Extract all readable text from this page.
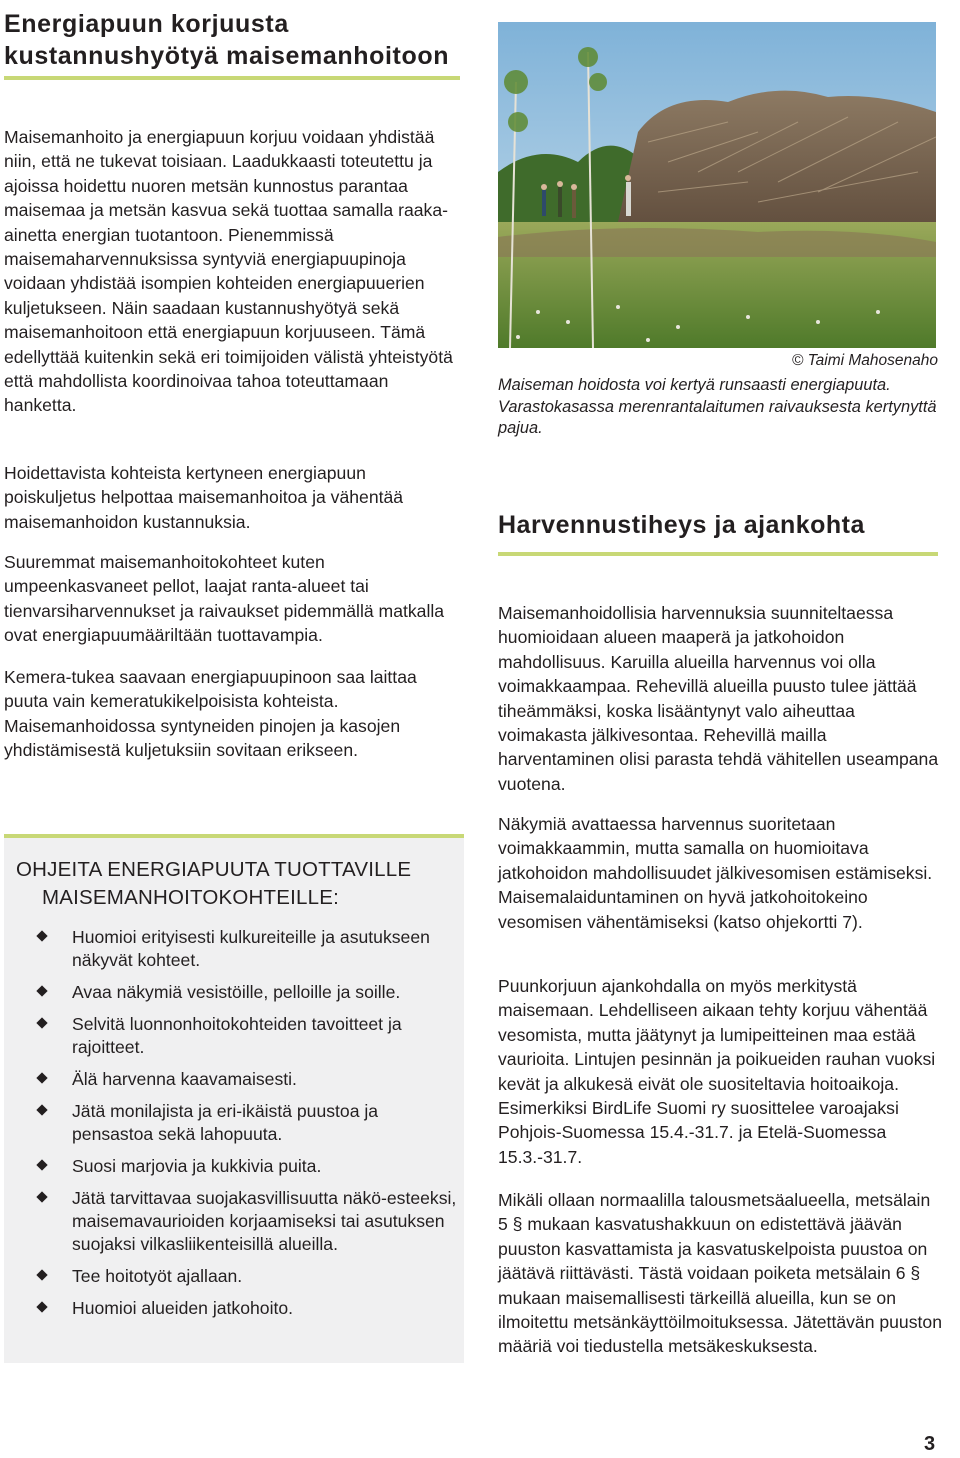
Energiapuun korjuusta kustannushyötyä maisemanhoitoon

Maisemanhoito ja energiapuun korjuu voidaan yhdistää niin, että ne tukevat toisiaan. Laadukkaasti toteutettu ja ajoissa hoidettu nuoren metsän kunnostus parantaa maisemaa ja metsän kasvua sekä tuottaa samalla raaka-ainetta energian tuotantoon. Pienemmissä maisemaharvennuksissa syntyviä energiapuupinoja voidaan yhdistää isompien kohteiden energiapuuerien kuljetukseen. Näin saadaan kustannushyötyä sekä maisemanhoitoon että energiapuun korjuuseen. Tämä edellyttää kuitenkin sekä eri toimijoiden välistä yhteistyötä että mahdollista koordinoivaa tahoa toteuttamaan hanketta.

Hoidettavista kohteista kertyneen energiapuun poiskuljetus helpottaa maisemanhoitoa ja vähentää maisemanhoidon kustannuksia.

Suuremmat maisemanhoitokohteet kuten umpeenkasvaneet pellot, laajat ranta-alueet tai tienvarsiharvennukset ja raivaukset pidemmällä matkalla ovat energiapuumääriltään tuottavampia.

Kemera-tukea saavaan energiapuupinoon saa laittaa puuta vain kemeratukikelpoisista kohteista. Maisemanhoidossa syntyneiden pinojen ja kasojen yhdistämisestä kuljetuksiin sovitaan erikseen.

OHJEITA ENERGIAPUUTA TUOTTAVILLE
MAISEMANHOITOKOHTEILLE:
Huomioi erityisesti kulkureiteille ja asutukseen näkyvät kohteet.
Avaa näkymiä vesistöille, pelloille ja soille.
Selvitä luonnonhoitokohteiden tavoitteet ja rajoitteet.
Älä harvenna kaavamaisesti.
Jätä monilajista ja eri-ikäistä puustoa ja pensastoa sekä lahopuuta.
Suosi marjovia ja kukkivia puita.
Jätä tarvittavaa suojakasvillisuutta näkö-esteeksi, maisemavaurioiden korjaamiseksi tai asutuksen suojaksi vilkasliikenteisillä alueilla.
Tee hoitotyöt ajallaan.
Huomioi alueiden jatkohoito.
© Taimi Mahosenaho

Maiseman hoidosta voi kertyä runsaasti energiapuuta. Varastokasassa merenrantalaitumen raivauksesta kertynyttä pajua.

Harvennustiheys ja ajankohta

Maisemanhoidollisia harvennuksia suunniteltaessa huomioidaan alueen maaperä ja jatkohoidon mahdollisuus. Karuilla alueilla harvennus voi olla voimakkaampaa. Rehevillä alueilla puusto tulee jättää tiheämmäksi, koska lisääntynyt valo aiheuttaa voimakasta jälkivesontaa. Rehevillä mailla harventaminen olisi parasta tehdä vähitellen useampana vuotena.

Näkymiä avattaessa harvennus suoritetaan voimakkaammin, mutta samalla on huomioitava jatkohoidon mahdollisuudet jälkivesomisen estämiseksi. Maisemalaiduntaminen on hyvä jatkohoitokeino vesomisen vähentämiseksi (katso ohjekortti 7).

Puunkorjuun ajankohdalla on myös merkitystä maisemaan. Lehdelliseen aikaan tehty korjuu vähentää vesomista, mutta jäätynyt ja lumipeitteinen maa estää vaurioita. Lintujen pesinnän ja poikueiden rauhan vuoksi kevät ja alkukesä eivät ole suositeltavia hoitoaikoja. Esimerkiksi BirdLife Suomi ry suosittelee varoajaksi Pohjois-Suomessa 15.4.-31.7. ja Etelä-Suomessa 15.3.-31.7.

Mikäli ollaan normaalilla talousmetsäalueella, metsälain 5 § mukaan kasvatushakkuun on edistettävä jäävän puuston kasvattamista ja kasvatuskelpoista puustoa on jäätävä riittävästi. Tästä voidaan poiketa metsälain 6 § mukaan maisemallisesti tärkeillä alueilla, kun se on ilmoitettu metsänkäyttöilmoituksessa. Jätettävän puuston määriä voi tiedustella metsäkeskuksesta.

3
